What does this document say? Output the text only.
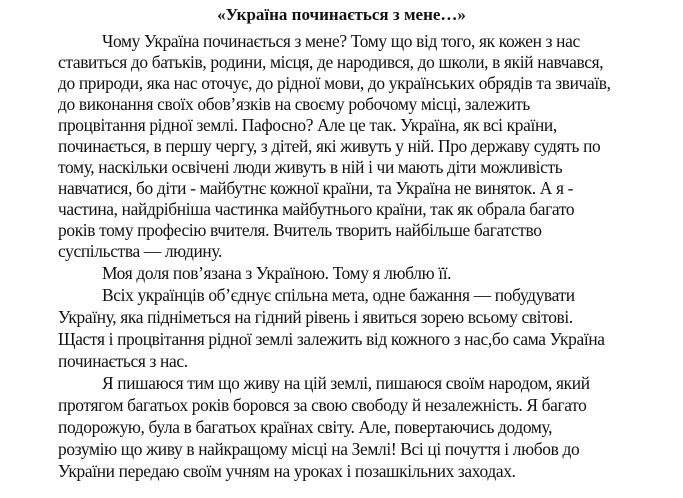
«Україна починається з мене…»
Чому Україна починається з мене? Тому що від того, як кожен з нас
ставиться до батьків, родини, місця, де народився, до школи, в якій навчався,
до природи, яка нас оточує, до рідної мови, до українських обрядів та звичаїв,
до виконання своїх обов’язків на своєму робочому місці, залежить
процвітання рідної землі. Пафосно? Але це так. Україна, як всі країни,
починається, в першу чергу, з дітей, які живуть у ній. Про державу судять по
тому, наскільки освічені люди живуть в ній і чи мають діти можливість
навчатися, бо діти - майбутнє кожної країни, та Україна не виняток. А я -
частина, найдрібніша частинка майбутнього країни, так як обрала багато
років тому професію вчителя. Вчитель творить найбільше багатство
суспільства — людину.
Моя доля пов’язана з Україною. Тому я люблю її.
Всіх українців об’єднує спільна мета, одне бажання — побудувати
Україну, яка підніметься на гідний рівень і явиться зорею всьому світові.
Щастя і процвітання рідної землі залежить від кожного з нас,бо сама Україна
починається з нас.
Я пишаюся тим що живу на цій землі, пишаюся своїм народом, який
протягом багатьох років боровся за свою свободу й незалежність. Я багато
подорожую, була в багатьох країнах світу. Але, повертаючись додому,
розумію що живу в найкращому місці на Землі! Всі ці почуття і любов до
України передаю своїм учням на уроках і позашкільних заходах.
